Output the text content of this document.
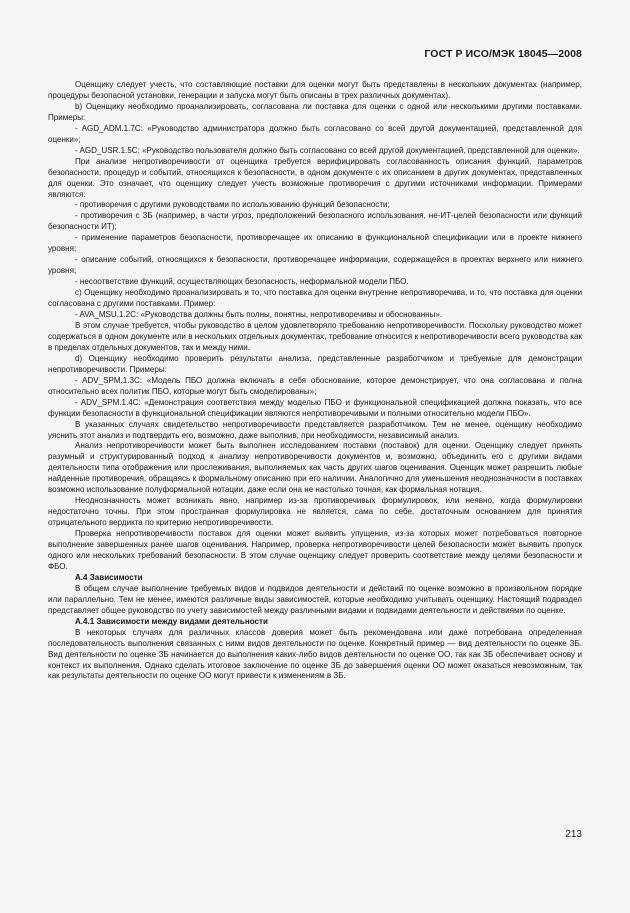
ГОСТ Р ИСО/МЭК 18045—2008

Оценщику следует учесть, что составляющие поставки для оценки могут быть представлены в нескольких документах (например, процедуры безопасной установки, генерации и запуска могут быть описаны в трех различных документах).

b) Оценщику необходимо проанализировать, согласована ли поставка для оценки с одной или несколькими другими поставками. Примеры:

- AGD_ADM.1.7С: «Руководство администратора должно быть согласовано со всей другой документацией, представленной для оценки»;

- AGD_USR.1.5С: «Руководство пользователя должно быть согласовано со всей другой документацией, представленной для оценки».

При анализе непротиворечивости от оценщика требуется верифицировать согласованность описания функций, параметров безопасности, процедур и событий, относящихся к безопасности, в одном документе с их описанием в других документах, представленных для оценки. Это означает, что оценщику следует учесть возможные противоречия с другими источниками информации. Примерами являются:

- противоречия с другими руководствами по использованию функций безопасности;

- противоречия с ЗБ (например, в части угроз, предположений безопасного использования, не-ИТ-целей безопасности или функций безопасности ИТ);

- применение параметров безопасности, противоречащее их описанию в функциональной спецификации или в проекте нижнего уровня;

- описание событий, относящихся к безопасности, противоречащее информации, содержащейся в проектах верхнего или нижнего уровня;

- несоответствие функций, осуществляющих безопасность, неформальной модели ПБО.

c) Оценщику необходимо проанализировать и то, что поставка для оценки внутренне непротиворечива, и то, что поставка для оценки согласована с другими поставками. Пример:

- AVA_MSU.1.2С: «Руководства должны быть полны, понятны, непротиворечивы и обоснованны».

В этом случае требуется, чтобы руководство в целом удовлетворяло требованию непротиворечивости. Поскольку руководство может содержаться в одном документе или в нескольких отдельных документах, требование относится к непротиворечивости всего руководства как в пределах отдельных документов, так и между ними.

d) Оценщику необходимо проверить результаты анализа, представленные разработчиком и требуемые для демонстрации непротиворечивости. Примеры:

- ADV_SPM.1.3С: «Модель ПБО должна включать в себя обоснование, которое демонстрирует, что она согласована и полна относительно всех политик ПБО, которые могут быть смоделированы»;

- ADV_SPM.1.4С: «Демонстрация соответствия между моделью ПБО и функциональной спецификацией должна показать, что все функции безопасности в функциональной спецификации являются непротиворечивыми и полными относительно модели ПБО».

В указанных случаях свидетельство непротиворечивости представляется разработчиком. Тем не менее, оценщику необходимо уяснить этот анализ и подтвердить его, возможно, даже выполнив, при необходимости, независимый анализ.

Анализ непротиворечивости может быть выполнен исследованием поставки (поставок) для оценки. Оценщику следует принять разумный и структурированный подход к анализу непротиворечивости документов и, возможно, объединить его с другими видами деятельности типа отображения или прослеживания, выполняемых как часть других шагов оценивания. Оценщик может разрешить любые найденные противоречия, обращаясь к формальному описанию при его наличии. Аналогично для уменьшения неоднозначности в поставках возможно использование полуформальной нотации, даже если она не настолько точная, как формальная нотация.

Неоднозначность может возникать явно, например из-за противоречивых формулировок, или неявно, когда формулировки недостаточно точны. При этом пространная формулировка не является, сама по себе, достаточным основанием для принятия отрицательного вердикта по критерию непротиворечивости.

Проверка непротиворечивости поставок для оценки может выявить упущения, из-за которых может потребоваться повторное выполнение завершенных ранее шагов оценивания. Например, проверка непротиворечивости целей безопасности может выявить пропуск одного или нескольких требований безопасности. В этом случае оценщику следует проверить соответствие между целями безопасности и ФБО.

А.4 Зависимости

В общем случае выполнение требуемых видов и подвидов деятельности и действий по оценке возможно в произвольном порядке или параллельно. Тем не менее, имеются различные виды зависимостей, которые необходимо учитывать оценщику. Настоящий подраздел представляет общее руководство по учету зависимостей между различными видами и подвидами деятельности и действиями по оценке.

А.4.1 Зависимости между видами деятельности

В некоторых случаях для различных классов доверия может быть рекомендована или даже потребована определенная последовательность выполнения связанных с ними видов деятельности по оценке. Конкретный пример — вид деятельности по оценке ЗБ. Вид деятельности по оценке ЗБ начинается до выполнения каких-либо видов деятельности по оценке ОО, так как ЗБ обеспечивает основу и контекст их выполнения. Однако сделать итоговое заключение по оценке ЗБ до завершения оценки ОО может оказаться невозможным, так как результаты деятельности по оценке ОО могут привести к изменениям в ЗБ.

213
